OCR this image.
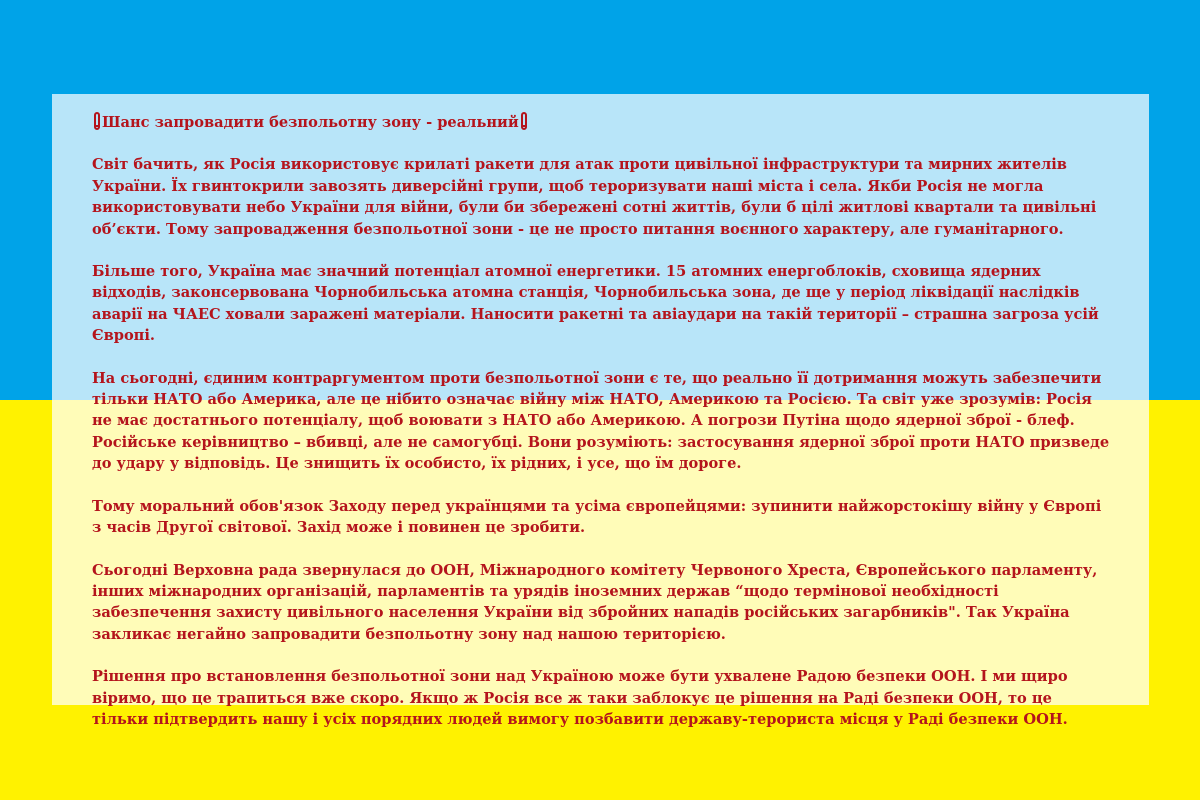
Шанс запровадити безпольотну зону - реальний

Світ бачить, як Росія використовує крилаті ракети для атак проти цивільної інфраструктури та мирних жителів України. Їх гвинтокрили завозять диверсійні групи, щоб тероризувати наші міста і села. Якби Росія не могла використовувати небо України для війни, були би збережені сотні життів, були б цілі житлові квартали та цивільні об’єкти. Тому запровадження безпольотної зони - це не просто питання воєнного характеру, але гуманітарного.

Більше того, Україна має значний потенціал атомної енергетики. 15 атомних енергоблоків, сховища ядерних відходів, законсервована Чорнобильська атомна станція, Чорнобильська зона, де ще у період ліквідації наслідків аварії на ЧАЕС ховали заражені матеріали. Наносити ракетні та авіаудари на такій території – страшна загроза усій Європі.

На сьогодні, єдиним контраргументом проти безпольотної зони є те, що реально її дотримання можуть забезпечити тільки НАТО або Америка, але це нібито означає війну між НАТО, Америкою та Росією. Та світ уже зрозумів: Росія не має достатнього потенціалу, щоб воювати з НАТО або Америкою. А погрози Путіна щодо ядерної зброї - блеф. Російське керівництво – вбивці, але не самогубці. Вони розуміють: застосування ядерної зброї проти НАТО призведе до удару у відповідь. Це знищить їх особисто, їх рідних, і усе, що їм дороге.

Тому моральний обов'язок Заходу перед українцями та усіма європейцями: зупинити найжорстокішу війну у Європі з часів Другої світової. Захід може і повинен це зробити.

Сьогодні Верховна рада звернулася до ООН, Міжнародного комітету Червоного Хреста, Європейського парламенту, інших міжнародних організацій, парламентів та урядів іноземних держав “щодо термінової необхідності забезпечення захисту цивільного населення України від збройних нападів російських загарбників". Так Україна закликає негайно запровадити безпольотну зону над нашою територією.

Рішення про встановлення безпольотної зони над Україною може бути ухвалене Радою безпеки ООН. І ми щиро віримо, що це трапиться вже скоро. Якщо ж Росія все ж таки заблокує це рішення на Раді безпеки ООН, то це тільки підтвердить нашу і усіх порядних людей вимогу позбавити державу-терориста місця у Раді безпеки ООН.
